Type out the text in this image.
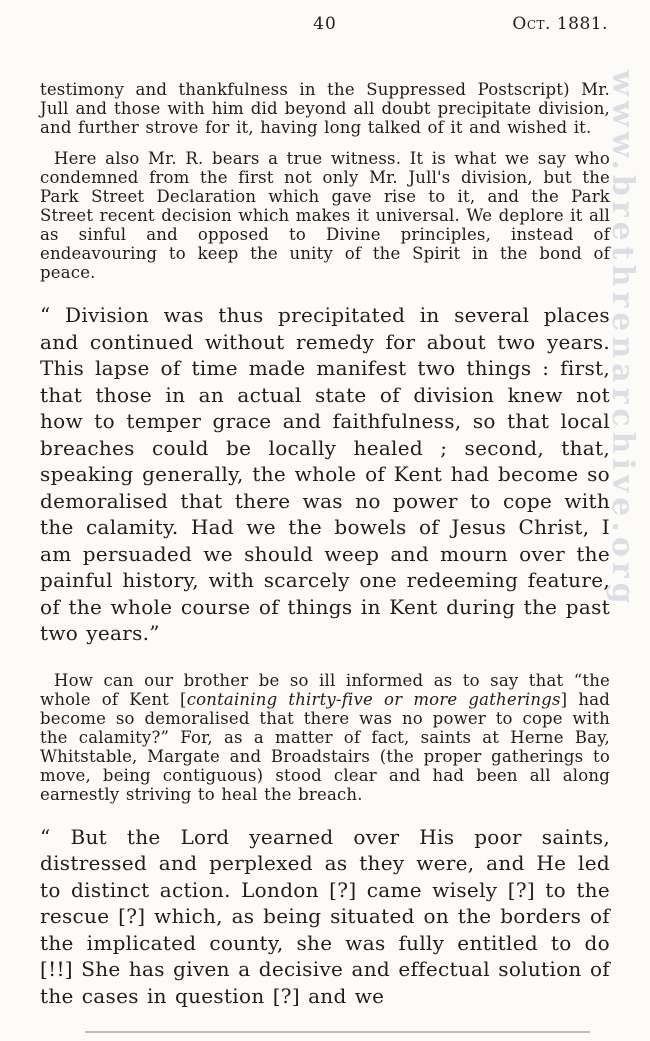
www.brethrenarchive.org
40	Oct. 1881.

testimony and thankfulness in the Suppressed Postscript) Mr. Jull and those with him did beyond all doubt precipitate division, and further strove for it, having long talked of it and wished it.

Here also Mr. R. bears a true witness. It is what we say who condemned from the first not only Mr. Jull's division, but the Park Street Declaration which gave rise to it, and the Park Street recent decision which makes it universal. We deplore it all as sinful and opposed to Divine principles, instead of endeavouring to keep the unity of the Spirit in the bond of peace.

“ Division was thus precipitated in several places and continued without remedy for about two years. This lapse of time made manifest two things : first, that those in an actual state of division knew not how to temper grace and faithfulness, so that local breaches could be locally healed ; second, that, speaking generally, the whole of Kent had become so demoralised that there was no power to cope with the calamity. Had we the bowels of Jesus Christ, I am persuaded we should weep and mourn over the painful history, with scarcely one redeeming feature, of the whole course of things in Kent during the past two years.”

How can our brother be so ill informed as to say that “the whole of Kent [containing thirty-five or more gatherings] had become so demoralised that there was no power to cope with the calamity?” For, as a matter of fact, saints at Herne Bay, Whitstable, Margate and Broadstairs (the proper gatherings to move, being contiguous) stood clear and had been all along earnestly striving to heal the breach.

“ But the Lord yearned over His poor saints, distressed and perplexed as they were, and He led to distinct action. London [?] came wisely [?] to the rescue [?] which, as being situated on the borders of the implicated county, she was fully entitled to do [!!] She has given a decisive and effectual solution of the cases in question [?] and we
